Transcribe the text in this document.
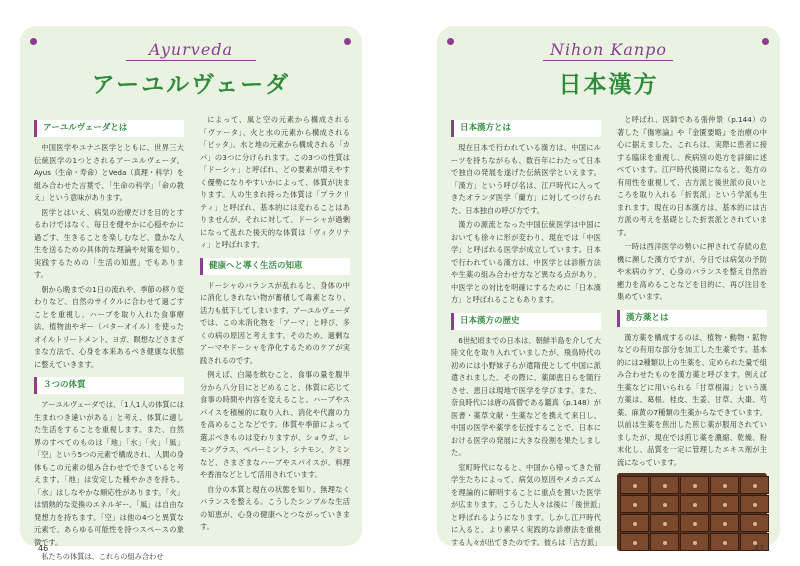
Ayurveda
アーユルヴェーダ
アーユルヴェーダとは
中国医学やユナニ医学とともに、世界三大伝統医学の1つとされるアーユルヴェーダ。Ayus（生命・寿命）とVeda（真理・科学）を組み合わせた言葉で、「生命の科学」「命の教え」という意味があります。
医学とはいえ、病気の治療だけを目的とするわけではなく、毎日を健やかに心穏やかに過ごす、生きることを楽しむなど、豊かな人生を送るための具体的な理論や対策を知り、実践するための「生活の知恵」でもあります。
朝から晩までの1日の流れや、季節の移り変わりなど、自然のサイクルに合わせて過ごすことを重視し、ハーブを取り入れた食事療法、植物油やギー（バターオイル）を使ったオイルトリートメント、ヨガ、瞑想などさまざまな方法で、心身を本来あるべき健康な状態に整えていきます。
３つの体質
アーユルヴェーダでは、「1人1人の体質には生まれつき違いがある」と考え、体質に適した生活をすることを重視します。また、自然界のすべてのものは「地」「水」「火」「風」「空」という5つの元素で構成され、人間の身体もこの元素の組み合わせでできていると考えます。「地」は安定した種やかさを持ち、「水」はしなやかな順応性があります。「火」は情熱的な変換のエネルギー、「風」は自由な発想力を持ちます。「空」は他の4つと異質な元素で、あらゆる可能性を持つスペースの象徴です。
私たちの体質は、これらの組み合わせ
によって、風と空の元素から構成される「ヴァータ」、火と水の元素から構成される「ピッタ」、水と地の元素から構成される「カパ」の3つに分けられます。この3つの性質は「ドーシャ」と呼ばれ、どの要素が増えやすく優勢になりやすいかによって、体質が決まります。人の生まれ持った体質は「プラクリティ」と呼ばれ、基本的には変わることはありませんが、それに対して、ドーシャが過剰になって乱れた後天的な体質は「ヴィクリティ」と呼ばれます。
健康へと導く生活の知恵
ドーシャのバランスが乱れると、身体の中に消化しきれない物が蓄積して毒素となり、活力も低下してしまいます。アーユルヴェーダでは、この未消化物を「アーマ」と呼び、多くの病の原因と考えます。そのため、過剰なアーマやドーシャを浄化するためのケアが実践されるのです。
例えば、白湯を飲むこと、食事の量を腹半分から八分目にとどめること、体質に応じて食事の時間や内容を変えること、ハーブやスパイスを積極的に取り入れ、消化や代謝の力を高めることなどです。体質や季節によって選ぶべきものは変わりますが、ショウガ、レモングラス、ペパーミント、シナモン、クミンなど、さまざまなハーブやスパイスが、料理や香油などとして活用されています。
自分の本質と現在の状態を知り、無理なくバランスを整える。こうしたシンプルな生活の知恵が、心身の健康へとつながっていきます。
Nihon Kanpo
日本漢方
日本漢方とは
現在日本で行われている漢方は、中国にルーツを持ちながらも、数百年にわたって日本で独自の発展を遂げた伝統医学といえます。「漢方」という呼び名は、江戸時代に入ってきたオランダ医学「蘭方」に対してつけられた、日本独自の呼び方です。
漢方の源流となった中国伝統医学は中国においても徐々に形が変わり、現在では「中医学」と呼ばれる医学が成立しています。日本で行われている漢方は、中医学とは診断方法や生薬の組み合わせ方など異なる点があり、中医学との対比を明確にするために「日本漢方」と呼ばれることもあります。
日本漢方の歴史
6世紀頃までの日本は、朝鮮半島を介して大陸文化を取り入れていましたが、飛鳥時代の初めには小野妹子らが遣隋使として中国に派遣されました。その際に、薬師恵日らを随行させ、恵日は現地で医学を学びます。また、奈良時代には唐の高僧である鑑真（p.148）が医書・薬草文献・生薬などを携えて来日し、中国の医学や薬学を伝授することで、日本における医学の発展に大きな役割を果たしました。
室町時代になると、中国から帰ってきた留学生たちによって、病気の原因やメカニズムを理論的に解明することに重点を置いた医学が広まります。こうした人々は後に「後世派」と呼ばれるようになります。しかし江戸時代に入ると、より素早く実践的な診療法を重視する人々が出てきたのです。彼らは「古方派」
と呼ばれ、医師である張仲景（p.144）の著した『傷寒論』や『金匱要略』を治療の中心に据えました。これらは、実際に患者に接する臨床を重視し、疾病別の処方を詳細に述べています。江戸時代後期になると、処方の有用性を重視して、古方派と後世派の良いところを取り入れる「折衷派」という学派も生まれます。現在の日本漢方は、基本的には古方派の考えを基礎とした折衷派とされています。
一時は西洋医学の勢いに押されて存続の危機に瀕した漢方ですが、今日では病気の予防や未病のケア、心身のバランスを整え自然治癒力を高めることなどを目的に、再び注目を集めています。
漢方薬とは
漢方薬を構成するのは、植物・動物・鉱物などの有用な部分を加工した生薬です。基本的には2種類以上の生薬を、定められた量で組み合わせたものを漢方薬と呼びます。例えば生薬などに用いられる「甘草根湯」という漢方薬は、葛根、桂皮、生姜、甘草、大棗、芍薬、麻黄の7種類の生薬からなできています。以前は生薬を煎出した煎じ薬が服用されていましたが、現在では煎じ薬を濃縮、乾燥、粉末化し、品質を一定に管理したエキス剤が主流になっています。
46	47
